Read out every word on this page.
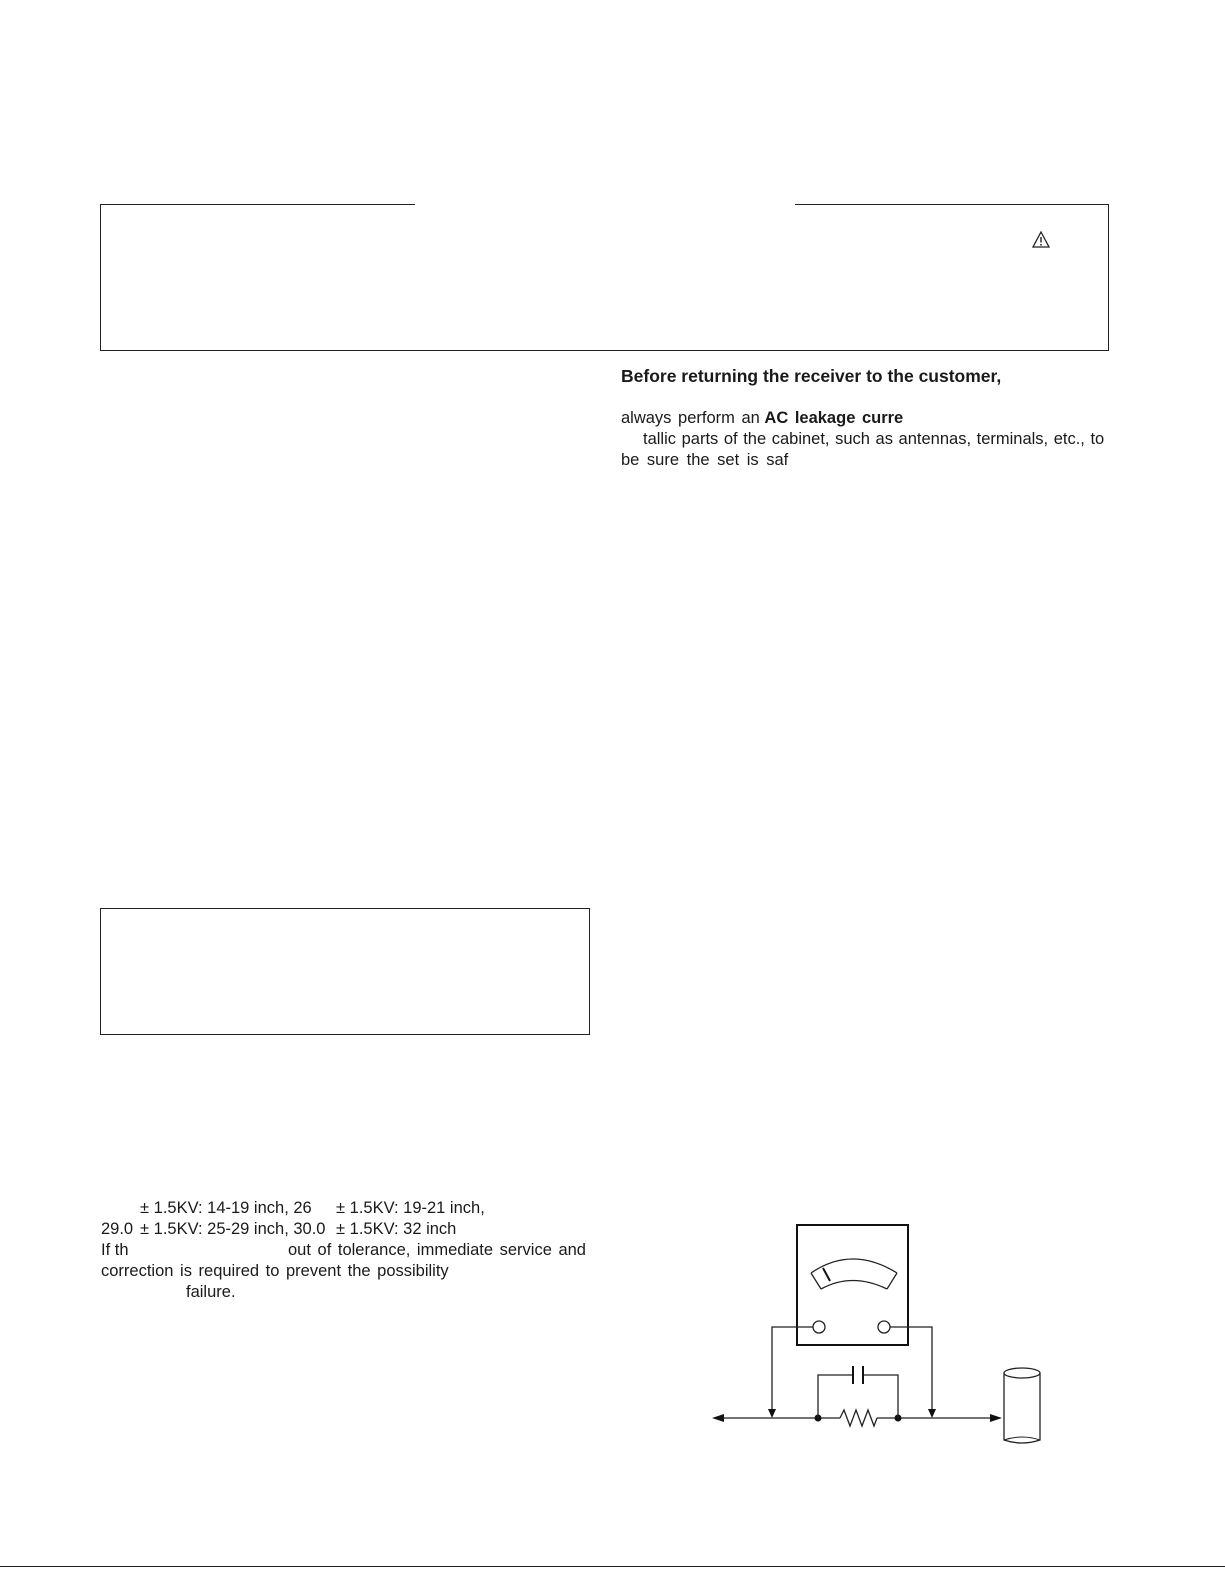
Before returning the receiver to the customer,
always perform an AC leakage curre
tallic parts of the cabinet, such as antennas, terminals, etc., to
be sure the set is saf
± 1.5KV: 14-19 inch, 26 ± 1.5KV: 19-21 inch,
29.0 ± 1.5KV: 25-29 inch, 30.0 ± 1.5KV: 32 inch
If th	out of tolerance, immediate service and
correction is required to prevent the possibility
failure.
